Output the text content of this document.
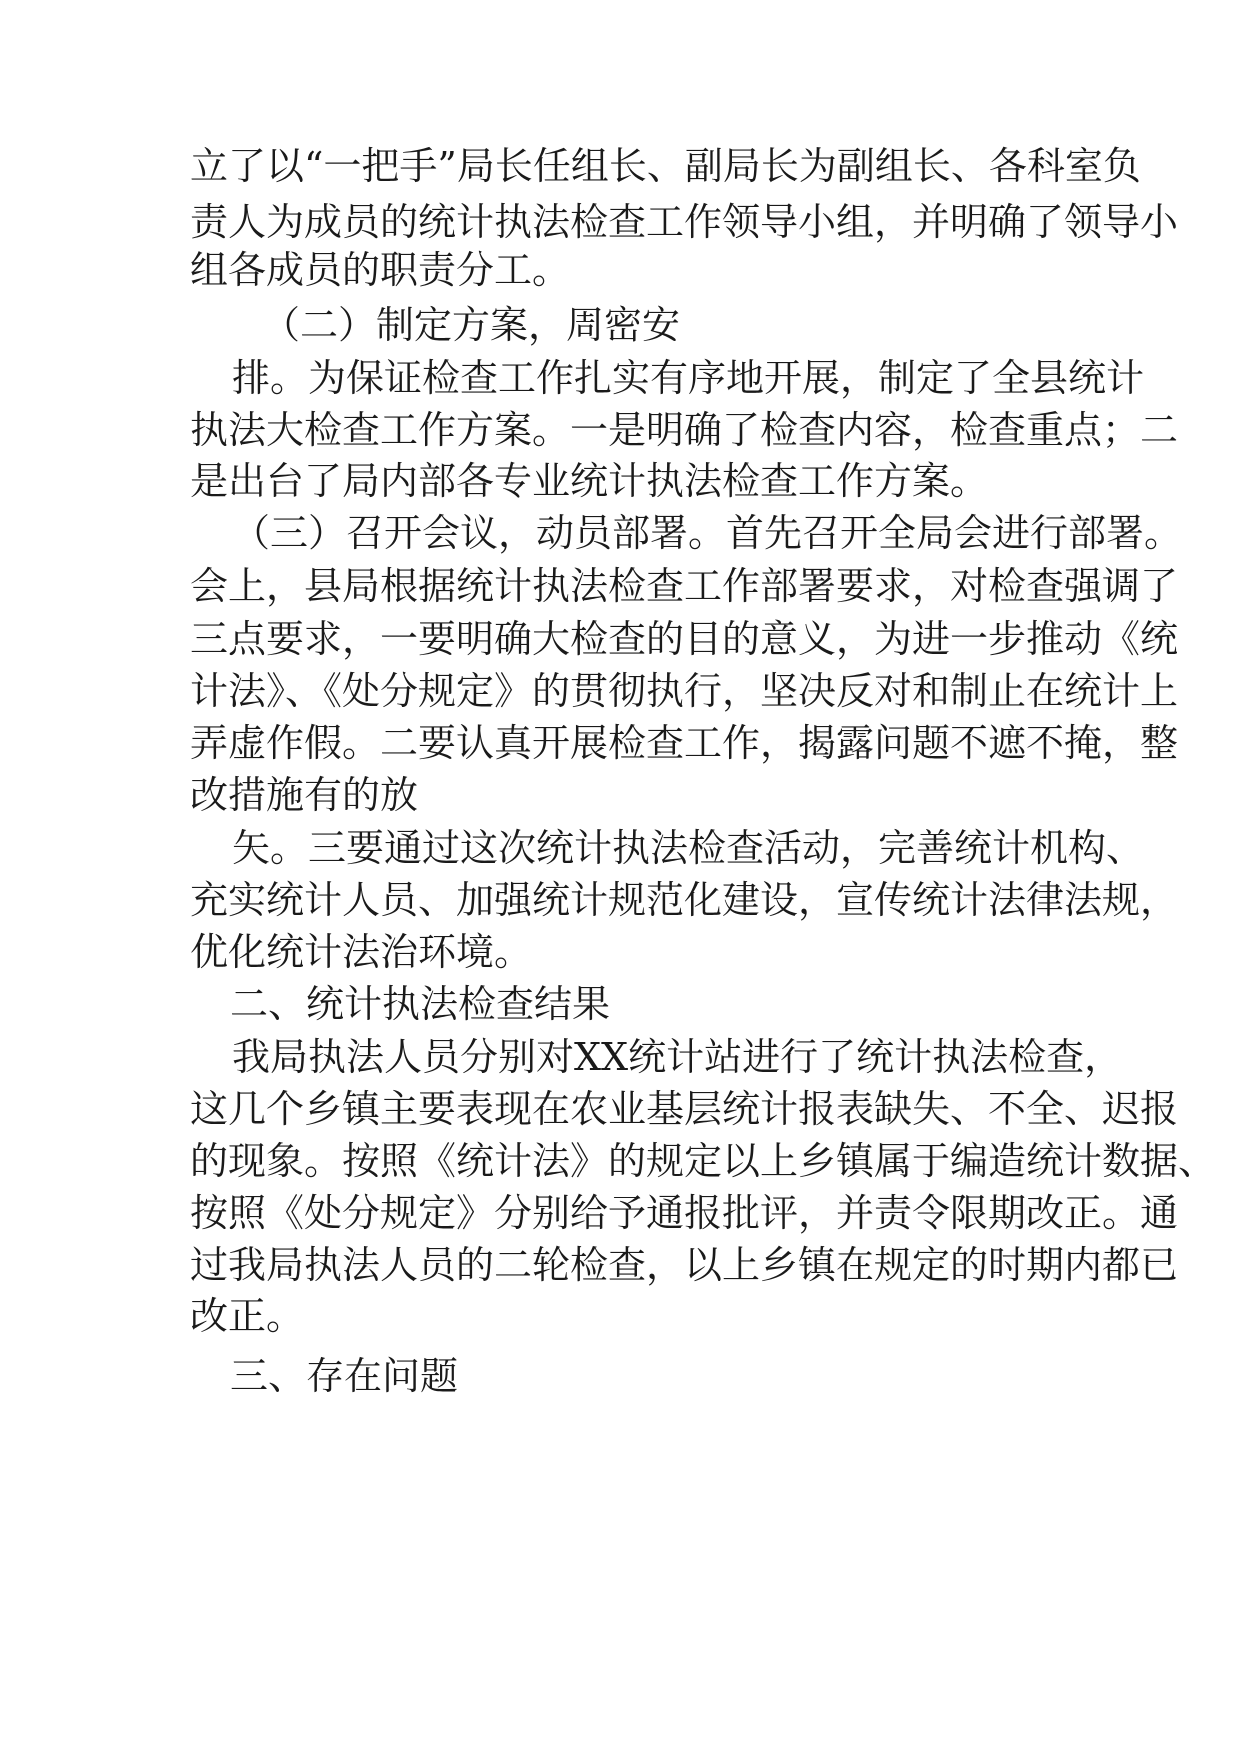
立了以“一把手”局长任组长、副局长为副组长、各科室负
责人为成员的统计执法检查工作领导小组，并明确了领导小
组各成员的职责分工。
（二）制定方案，周密安
排。为保证检查工作扎实有序地开展，制定了全县统计
执法大检查工作方案。一是明确了检查内容，检查重点；二
是出台了局内部各专业统计执法检查工作方案。
（三）召开会议，动员部署。首先召开全局会进行部署。
会上，县局根据统计执法检查工作部署要求，对检查强调了
三点要求，一要明确大检查的目的意义，为进一步推动《统
计法》、《处分规定》的贯彻执行，坚决反对和制止在统计上
弄虚作假。二要认真开展检查工作，揭露问题不遮不掩，整
改措施有的放
矢。三要通过这次统计执法检查活动，完善统计机构、
充实统计人员、加强统计规范化建设，宣传统计法律法规，
优化统计法治环境。
二、统计执法检查结果
我局执法人员分别对XX统计站进行了统计执法检查，
这几个乡镇主要表现在农业基层统计报表缺失、不全、迟报
的现象。按照《统计法》的规定以上乡镇属于编造统计数据、
按照《处分规定》分别给予通报批评，并责令限期改正。通
过我局执法人员的二轮检查，以上乡镇在规定的时期内都已
改正。
三、存在问题
